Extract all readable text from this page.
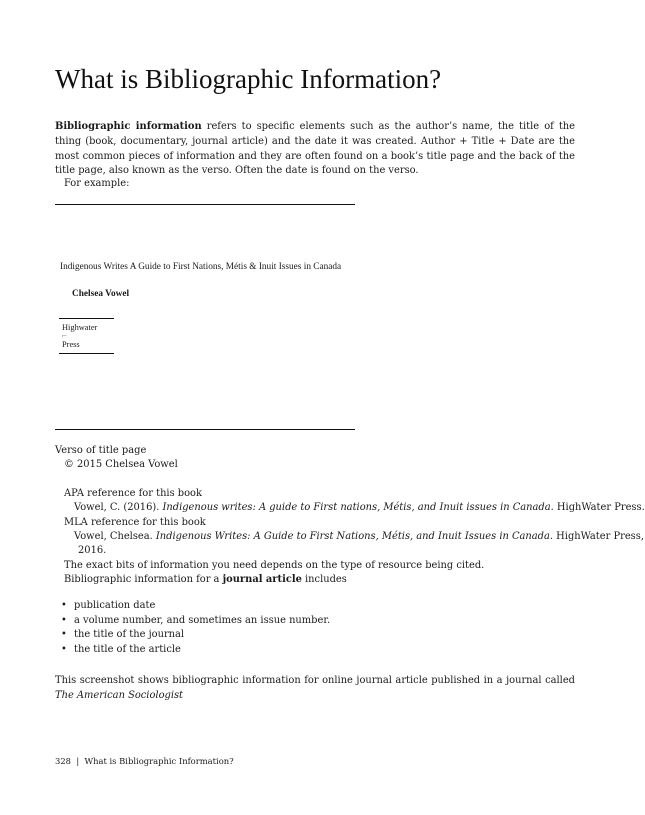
What is Bibliographic Information?

Bibliographic information refers to specific elements such as the author’s name, the title of the thing (book, documentary, journal article) and the date it was created. Author + Title + Date are the most common pieces of information and they are often found on a book’s title page and the back of the title page, also known as the verso. Often the date is found on the verso.

For example:
Indigenous Writes A Guide to First Nations, Métis & Inuit Issues in Canada
Chelsea Vowel
Highwater
Press
⌐
Verso of title page
© 2015 Chelsea Vowel
APA reference for this book
Vowel, C. (2016). Indigenous writes: A guide to First nations, Métis, and Inuit issues in Canada. HighWater Press.
MLA reference for this book
Vowel, Chelsea. Indigenous Writes: A Guide to First Nations, Métis, and Inuit Issues in Canada. HighWater Press,
2016.
The exact bits of information you need depends on the type of resource being cited.
Bibliographic information for a journal article includes
• publication date
• a volume number, and sometimes an issue number.
• the title of the journal
• the title of the article

This screenshot shows bibliographic information for online journal article published in a journal called The American Sociologist

328 | What is Bibliographic Information?
